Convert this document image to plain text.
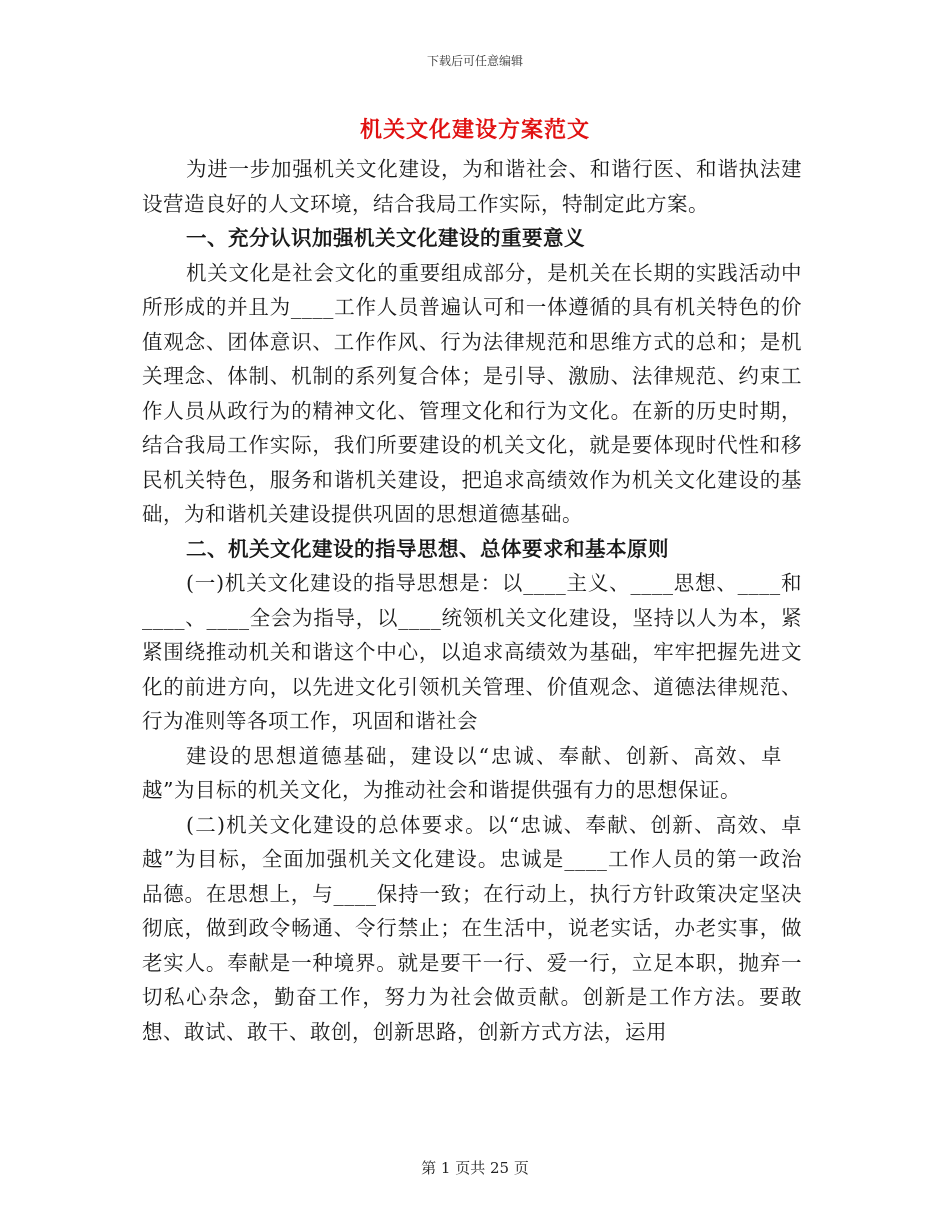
下载后可任意编辑
机关文化建设方案范文

为进一步加强机关文化建设，为和谐社会、和谐行医、和谐执法建设营造良好的人文环境，结合我局工作实际，特制定此方案。

一、充分认识加强机关文化建设的重要意义

机关文化是社会文化的重要组成部分，是机关在长期的实践活动中所形成的并且为____工作人员普遍认可和一体遵循的具有机关特色的价值观念、团体意识、工作作风、行为法律规范和思维方式的总和；是机关理念、体制、机制的系列复合体；是引导、激励、法律规范、约束工作人员从政行为的精神文化、管理文化和行为文化。在新的历史时期，结合我局工作实际，我们所要建设的机关文化，就是要体现时代性和移民机关特色，服务和谐机关建设，把追求高绩效作为机关文化建设的基础，为和谐机关建设提供巩固的思想道德基础。

二、机关文化建设的指导思想、总体要求和基本原则

(一)机关文化建设的指导思想是：以____主义、____思想、____和____、____全会为指导，以____统领机关文化建设，坚持以人为本，紧紧围绕推动机关和谐这个中心，以追求高绩效为基础，牢牢把握先进文化的前进方向，以先进文化引领机关管理、价值观念、道德法律规范、行为准则等各项工作，巩固和谐社会

建设的思想道德基础，建设以“忠诚、奉献、创新、高效、卓越”为目标的机关文化，为推动社会和谐提供强有力的思想保证。

(二)机关文化建设的总体要求。以“忠诚、奉献、创新、高效、卓越”为目标，全面加强机关文化建设。忠诚是____工作人员的第一政治品德。在思想上，与____保持一致；在行动上，执行方针政策决定坚决彻底，做到政令畅通、令行禁止；在生活中，说老实话，办老实事，做老实人。奉献是一种境界。就是要干一行、爱一行，立足本职，抛弃一切私心杂念，勤奋工作，努力为社会做贡献。创新是工作方法。要敢想、敢试、敢干、敢创，创新思路，创新方式方法，运用

第 1 页共 25 页
